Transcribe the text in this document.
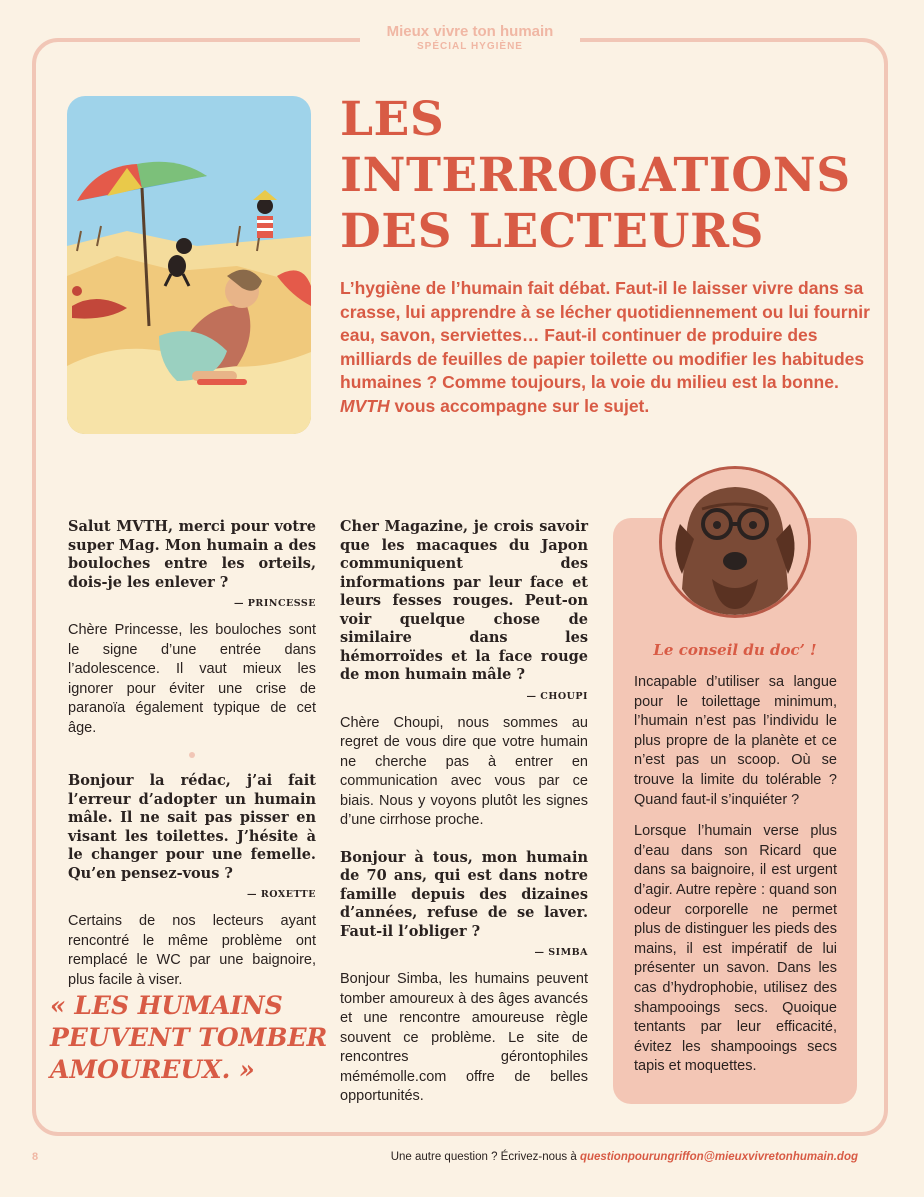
Mieux vivre ton humain
SPÉCIAL HYGIÈNE
LES
INTERROGATIONS
DES LECTEURS

L’hygiène de l’humain fait débat. Faut-il le laisser vivre dans sa crasse, lui apprendre à se lécher quotidiennement ou lui fournir eau, savon, serviettes… Faut-il continuer de produire des milliards de feuilles de papier toilette ou modifier les habitudes humaines ? Comme toujours, la voie du milieu est la bonne.
MVTH vous accompagne sur le sujet.

Salut MVTH, merci pour votre super Mag. Mon humain a des bouloches entre les orteils, dois-je les enlever ?

— PRINCESSE

Chère Princesse, les bouloches sont le signe d’une entrée dans l’adolescence. Il vaut mieux les ignorer pour éviter une crise de paranoïa également typique de cet âge.

Bonjour la rédac, j’ai fait l’erreur d’adopter un humain mâle. Il ne sait pas pisser en visant les toilettes. J’hésite à le changer pour une femelle. Qu’en pensez-vous ?

— ROXETTE

Certains de nos lecteurs ayant rencontré le même problème ont remplacé le WC par une baignoire, plus facile à viser.

Cher Magazine, je crois savoir que les macaques du Japon communiquent des informations par leur face et leurs fesses rouges. Peut-on voir quelque chose de similaire dans les hémorroïdes et la face rouge de mon humain mâle ?

— CHOUPI

Chère Choupi, nous sommes au regret de vous dire que votre humain ne cherche pas à entrer en communication avec vous par ce biais. Nous y voyons plutôt les signes d’une cirrhose proche.

Bonjour à tous, mon humain de 70 ans, qui est dans notre famille depuis des dizaines d’années, refuse de se laver. Faut-il l’obliger ?

— SIMBA

Bonjour Simba, les humains peuvent tomber amoureux à des âges avancés et une rencontre amoureuse règle souvent ce problème. Le site de rencontres gérontophiles mémémolle.com offre de belles opportunités.

« LES HUMAINS
PEUVENT TOMBER
AMOUREUX. »

Le conseil du doc’ !

Incapable d’utiliser sa langue pour le toilettage minimum, l’humain n’est pas l’individu le plus propre de la planète et ce n’est pas un scoop. Où se trouve la limite du tolérable ? Quand faut-il s’inquiéter ?

Lorsque l’humain verse plus d’eau dans son Ricard que dans sa baignoire, il est urgent d’agir. Autre repère : quand son odeur corporelle ne permet plus de distinguer les pieds des mains, il est impératif de lui présenter un savon. Dans les cas d’hydrophobie, utilisez des shampooings secs. Quoique tentants par leur efficacité, évitez les shampooings secs tapis et moquettes.

8	Une autre question ? Écrivez-nous à questionpourungriffon@mieuxvivretonhumain.dog
